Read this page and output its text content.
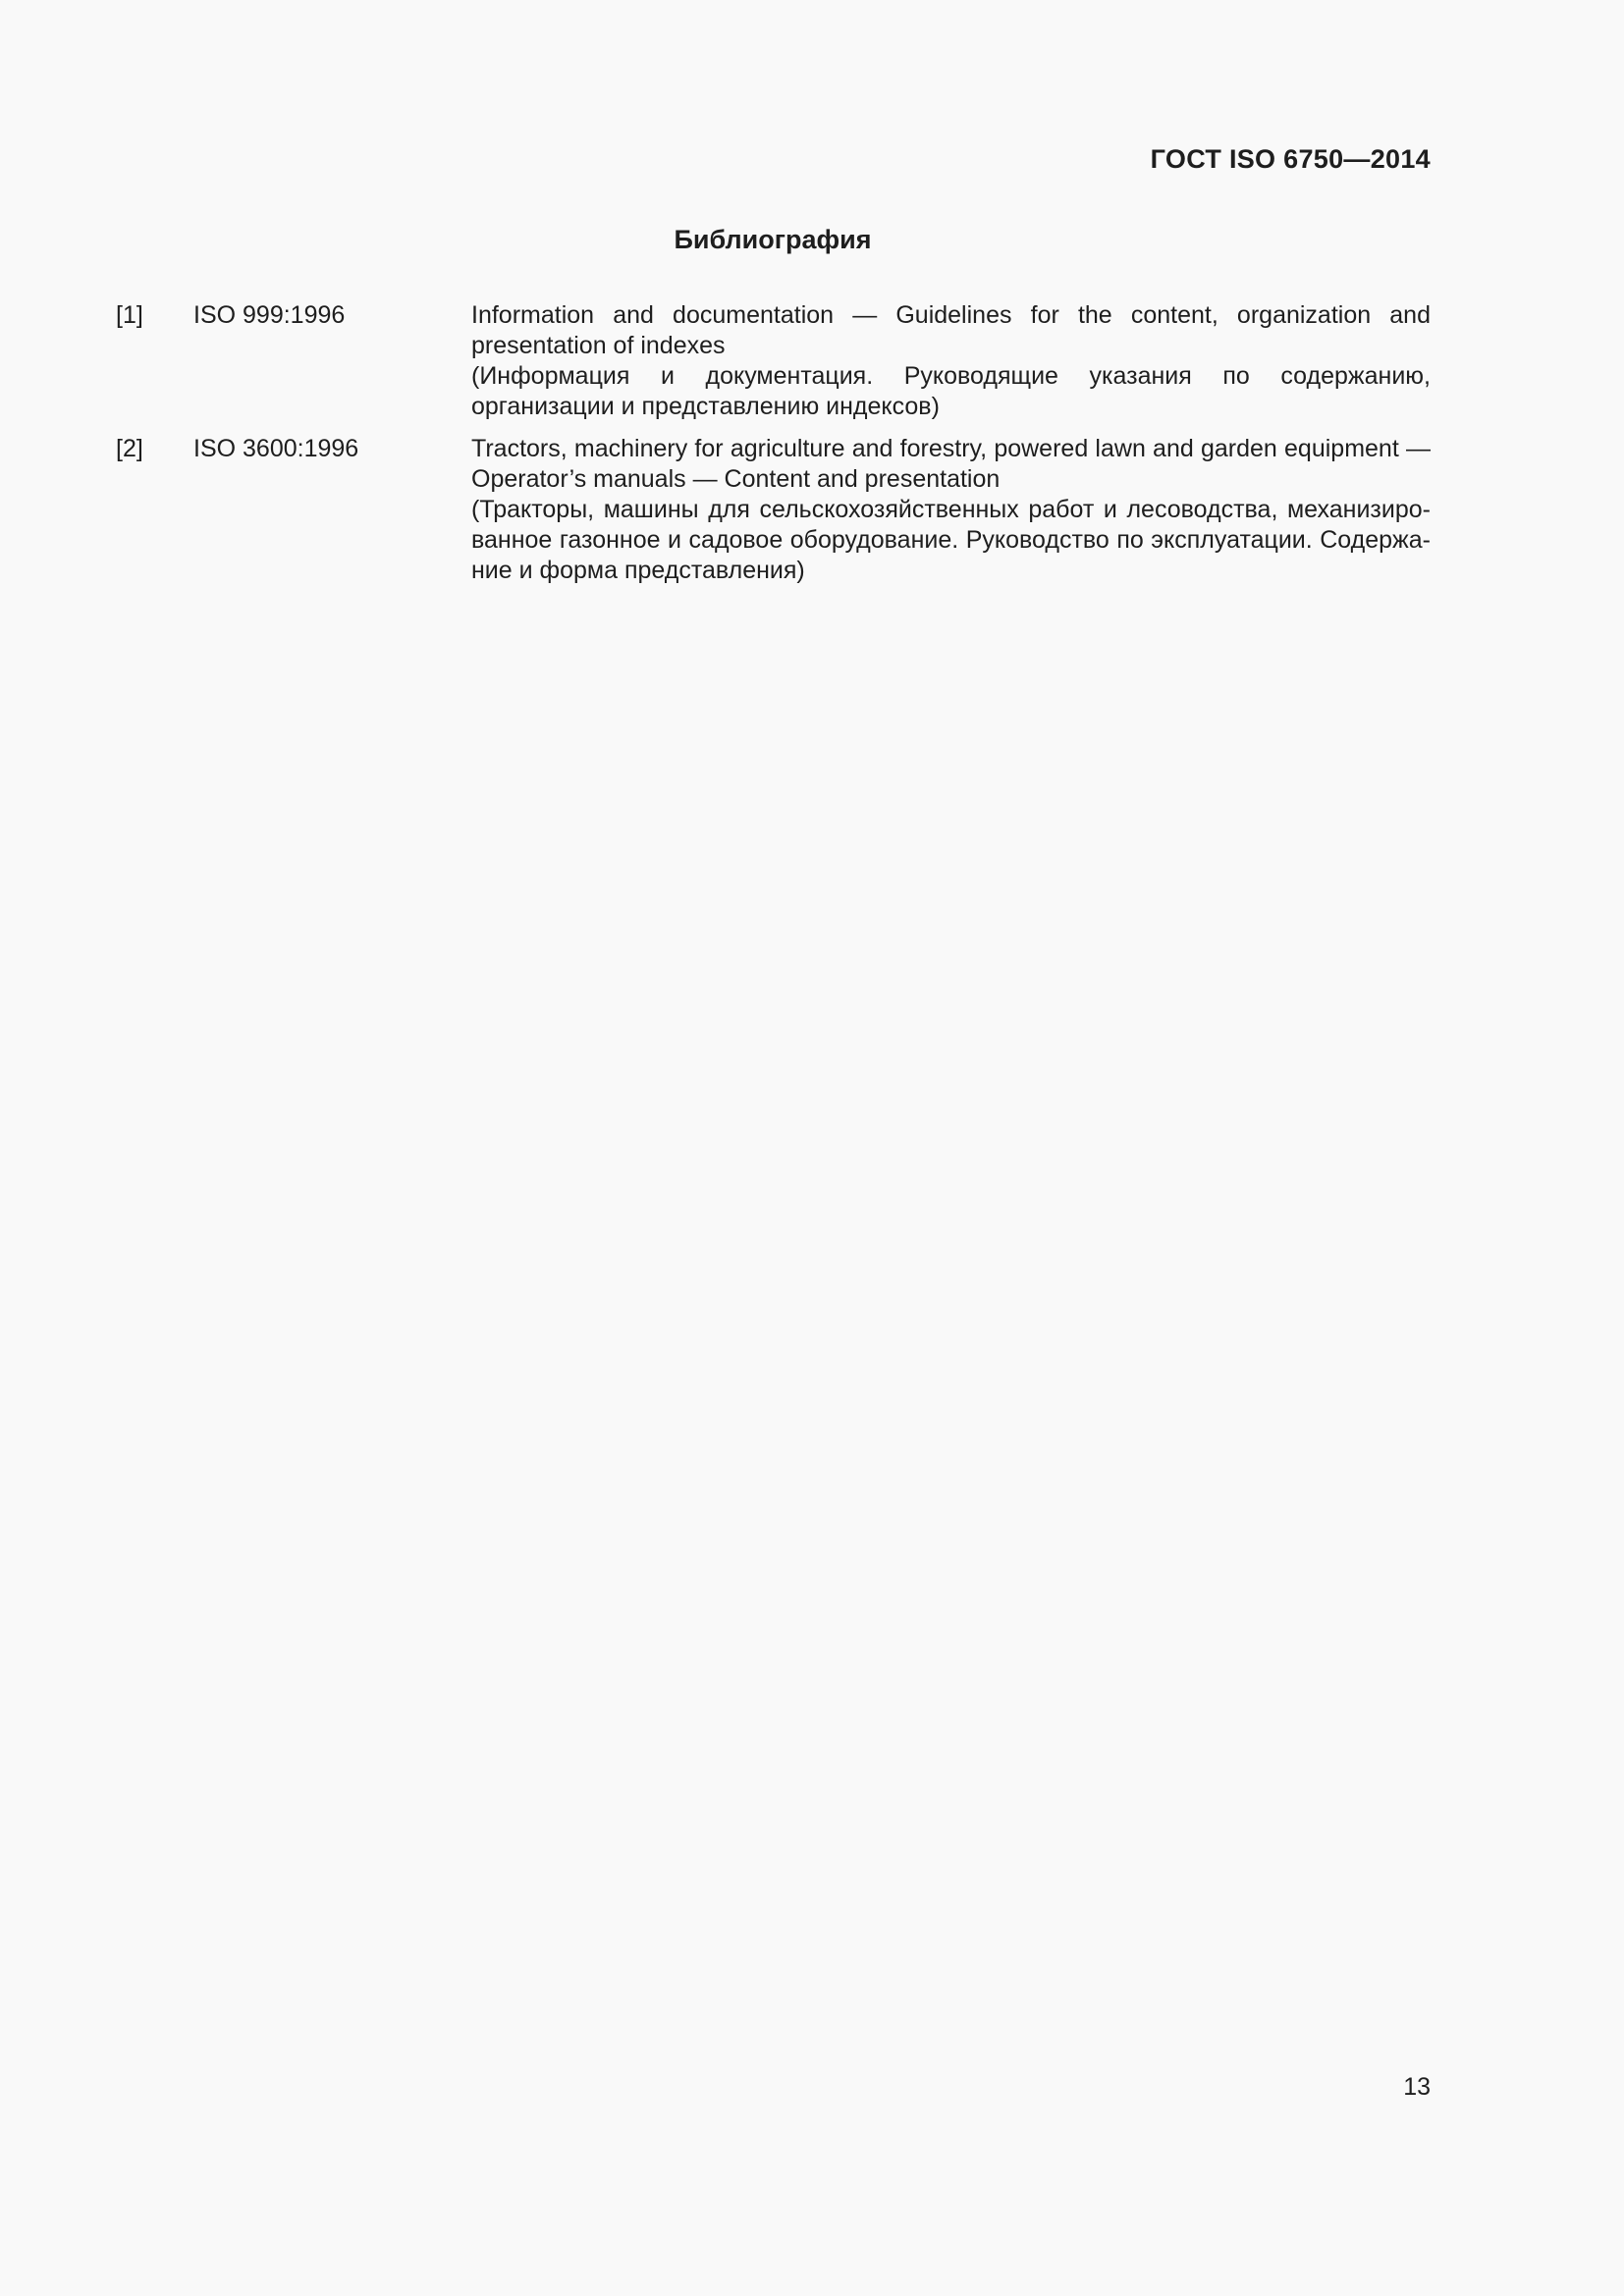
ГОСТ ISO 6750—2014
Библиография
[1] ISO 999:1996	Information and documentation — Guidelines for the content, organization and presentation of indexes

(Информация и документация. Руководящие указания по содержанию, организации и представлению индексов)

[2] ISO 3600:1996	Tractors, machinery for agriculture and forestry, powered lawn and garden equipment — Operator’s manuals — Content and presentation

(Тракторы, машины для сельскохозяйственных работ и лесоводства, механизированное газонное и садовое оборудование. Руководство по эксплуатации. Содержание и форма представления)

13
